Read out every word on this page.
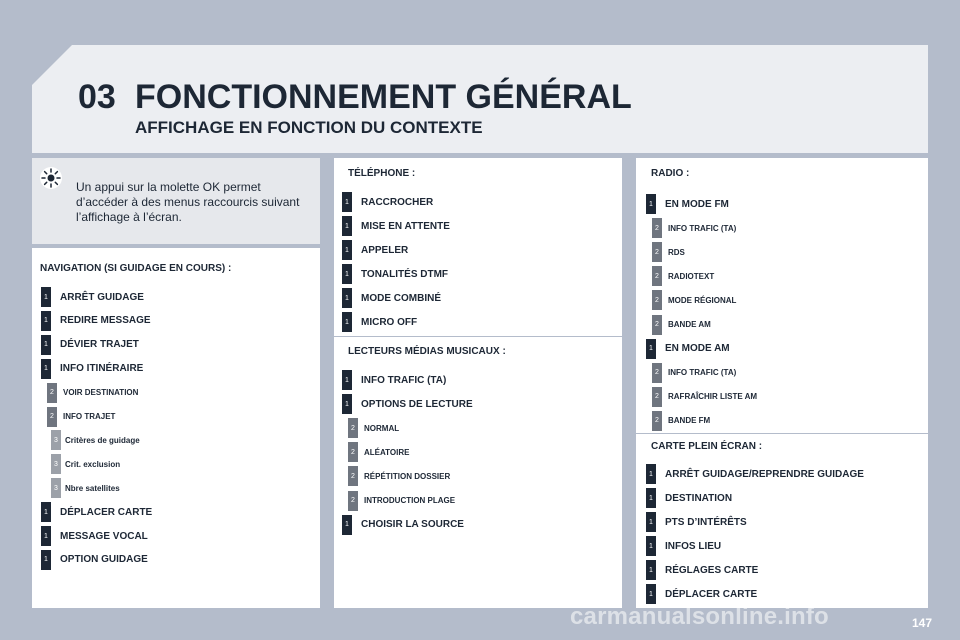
03 FONCTIONNEMENT GÉNÉRAL
AFFICHAGE EN FONCTION DU CONTEXTE
Un appui sur la molette OK permet d’accéder à des menus raccourcis suivant l’affichage à l’écran.
NAVIGATION (SI GUIDAGE EN COURS) :
1	ARRÊT GUIDAGE
1	REDIRE MESSAGE
1	DÉVIER TRAJET
1	INFO ITINÉRAIRE
2	VOIR DESTINATION
2	INFO TRAJET
3 Critères de guidage
3 Crit. exclusion
3 Nbre satellites
1	DÉPLACER CARTE
1	MESSAGE VOCAL
1	OPTION GUIDAGE
TÉLÉPHONE :
1	RACCROCHER
1	MISE EN ATTENTE
1	APPELER
1	TONALITÉS DTMF
1	MODE COMBINÉ
1	MICRO OFF
LECTEURS MÉDIAS MUSICAUX :
1	INFO TRAFIC (TA)
1	OPTIONS DE LECTURE
2	NORMAL
2	ALÉATOIRE
2	RÉPÉTITION DOSSIER
2	INTRODUCTION PLAGE
1	CHOISIR LA SOURCE
RADIO :
1	EN MODE FM
2	INFO TRAFIC (TA)
2	RDS
2	RADIOTEXT
2	MODE RÉGIONAL
2	BANDE AM
1	EN MODE AM
2	INFO TRAFIC (TA)
2	RAFRAÎCHIR LISTE AM
2	BANDE FM
CARTE PLEIN ÉCRAN :
1	ARRÊT GUIDAGE/REPRENDRE GUIDAGE
1	DESTINATION
1	PTS D’INTÉRÊTS
1	INFOS LIEU
1	RÉGLAGES CARTE
1	DÉPLACER CARTE
carmanualsonline.info	147
